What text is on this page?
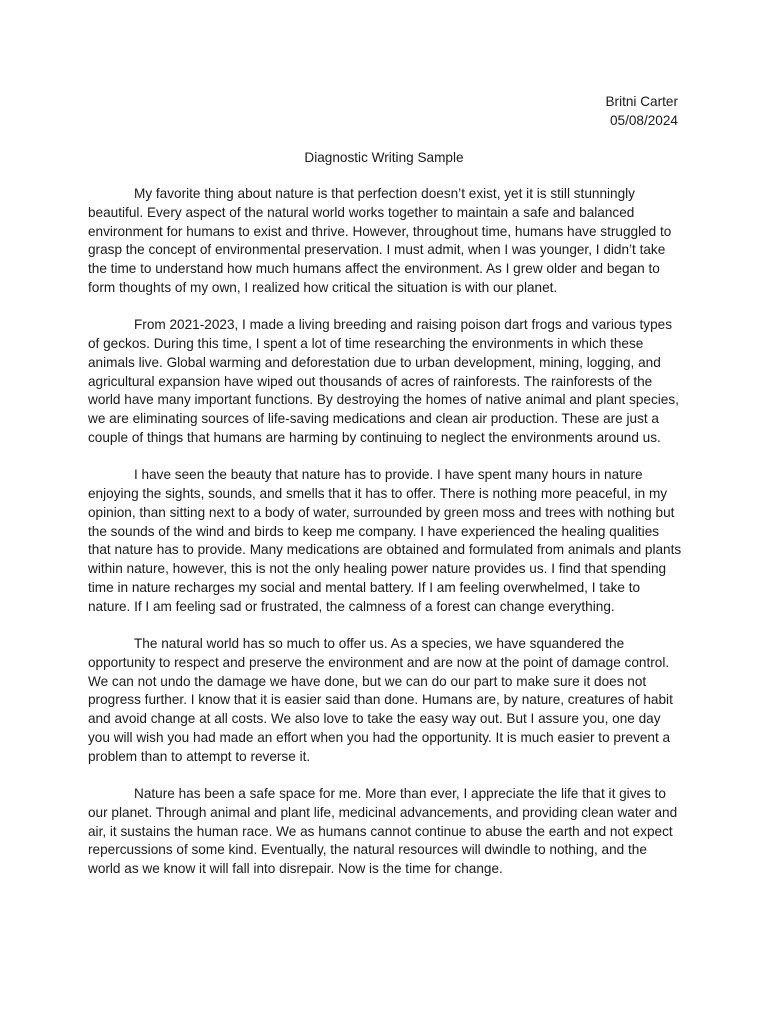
Britni Carter
05/08/2024
Diagnostic Writing Sample

My favorite thing about nature is that perfection doesn’t exist, yet it is still stunningly beautiful. Every aspect of the natural world works together to maintain a safe and balanced environment for humans to exist and thrive. However, throughout time, humans have struggled to grasp the concept of environmental preservation. I must admit, when I was younger, I didn’t take the time to understand how much humans affect the environment. As I grew older and began to form thoughts of my own, I realized how critical the situation is with our planet.

From 2021-2023, I made a living breeding and raising poison dart frogs and various types of geckos. During this time, I spent a lot of time researching the environments in which these animals live. Global warming and deforestation due to urban development, mining, logging, and agricultural expansion have wiped out thousands of acres of rainforests. The rainforests of the world have many important functions. By destroying the homes of native animal and plant species, we are eliminating sources of life-saving medications and clean air production. These are just a couple of things that humans are harming by continuing to neglect the environments around us.

I have seen the beauty that nature has to provide. I have spent many hours in nature enjoying the sights, sounds, and smells that it has to offer. There is nothing more peaceful, in my opinion, than sitting next to a body of water, surrounded by green moss and trees with nothing but the sounds of the wind and birds to keep me company. I have experienced the healing qualities that nature has to provide. Many medications are obtained and formulated from animals and plants within nature, however, this is not the only healing power nature provides us. I find that spending time in nature recharges my social and mental battery. If I am feeling overwhelmed, I take to nature. If I am feeling sad or frustrated, the calmness of a forest can change everything.

The natural world has so much to offer us. As a species, we have squandered the opportunity to respect and preserve the environment and are now at the point of damage control. We can not undo the damage we have done, but we can do our part to make sure it does not progress further. I know that it is easier said than done. Humans are, by nature, creatures of habit and avoid change at all costs. We also love to take the easy way out. But I assure you, one day you will wish you had made an effort when you had the opportunity. It is much easier to prevent a problem than to attempt to reverse it.

Nature has been a safe space for me. More than ever, I appreciate the life that it gives to our planet. Through animal and plant life, medicinal advancements, and providing clean water and air, it sustains the human race. We as humans cannot continue to abuse the earth and not expect repercussions of some kind. Eventually, the natural resources will dwindle to nothing, and the world as we know it will fall into disrepair. Now is the time for change.
